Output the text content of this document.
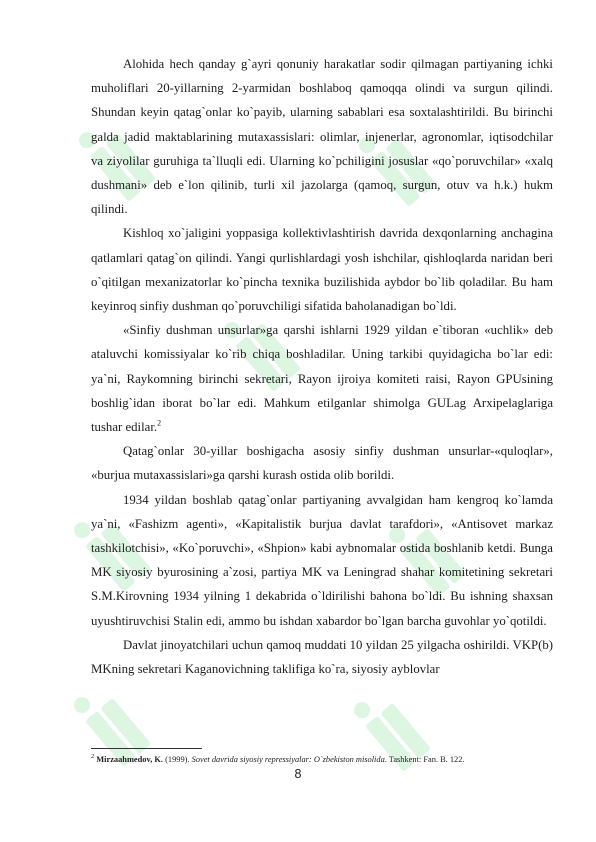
Alohida hech qanday g`ayri qonuniy harakatlar sodir qilmagan partiyaning ichki muholiflari 20-yillarning 2-yarmidan boshlaboq qamoqqa olindi va surgun qilindi. Shundan keyin qatag`onlar ko`payib, ularning sabablari esa soxtalashtirildi. Bu birinchi galda jadid maktablarining mutaxassislari: olimlar, injenerlar, agronomlar, iqtisodchilar va ziyolilar guruhiga ta`lluqli edi. Ularning ko`pchiligini josuslar «qo`poruvchilar» «xalq dushmani» deb e`lon qilinib, turli xil jazolarga (qamoq, surgun, otuv va h.k.) hukm qilindi.

Kishloq xo`jaligini yoppasiga kollektivlashtirish davrida dexqonlarning anchagina qatlamlari qatag`on qilindi. Yangi qurlishlardagi yosh ishchilar, qishloqlarda naridan beri o`qitilgan mexanizatorlar ko`pincha texnika buzilishida aybdor bo`lib qoladilar. Bu ham keyinroq sinfiy dushman qo`poruvchiligi sifatida baholanadigan bo`ldi.

«Sinfiy dushman unsurlar»ga qarshi ishlarni 1929 yildan e`tiboran «uchlik» deb ataluvchi komissiyalar ko`rib chiqa boshladilar. Uning tarkibi quyidagicha bo`lar edi: ya`ni, Raykomning birinchi sekretari, Rayon ijroiya komiteti raisi, Rayon GPUsining boshlig`idan iborat bo`lar edi. Mahkum etilganlar shimolga GULag Arxipelaglariga tushar edilar.$^2$

Qatag`onlar 30-yillar boshigacha asosiy sinfiy dushman unsurlar-«quloqlar», «burjua mutaxassislari»ga qarshi kurash ostida olib borildi.

1934 yildan boshlab qatag`onlar partiyaning avvalgidan ham kengroq ko`lamda ya`ni, «Fashizm agenti», «Kapitalistik burjua davlat tarafdori», «Antisovet markaz tashkilotchisi», «Ko`poruvchi», «Shpion» kabi aybnomalar ostida boshlanib ketdi. Bunga MK siyosiy byurosining a`zosi, partiya MK va Leningrad shahar komitetining sekretari S.M.Kirovning 1934 yilning 1 dekabrida o`ldirilishi bahona bo`ldi. Bu ishning shaxsan uyushtiruvchisi Stalin edi, ammo bu ishdan xabardor bo`lgan barcha guvohlar yo`qotildi.

Davlat jinoyatchilari uchun qamoq muddati 10 yildan 25 yilgacha oshirildi. VKP(b) MKning sekretari Kaganovichning taklifiga ko`ra, siyosiy ayblovlar

$^2$ Mirzaahmedov, K. (1999). Sovet davrida siyosiy repressiyalar: O`zbekiston misolida. Tashkent: Fan. B. 122.
8
